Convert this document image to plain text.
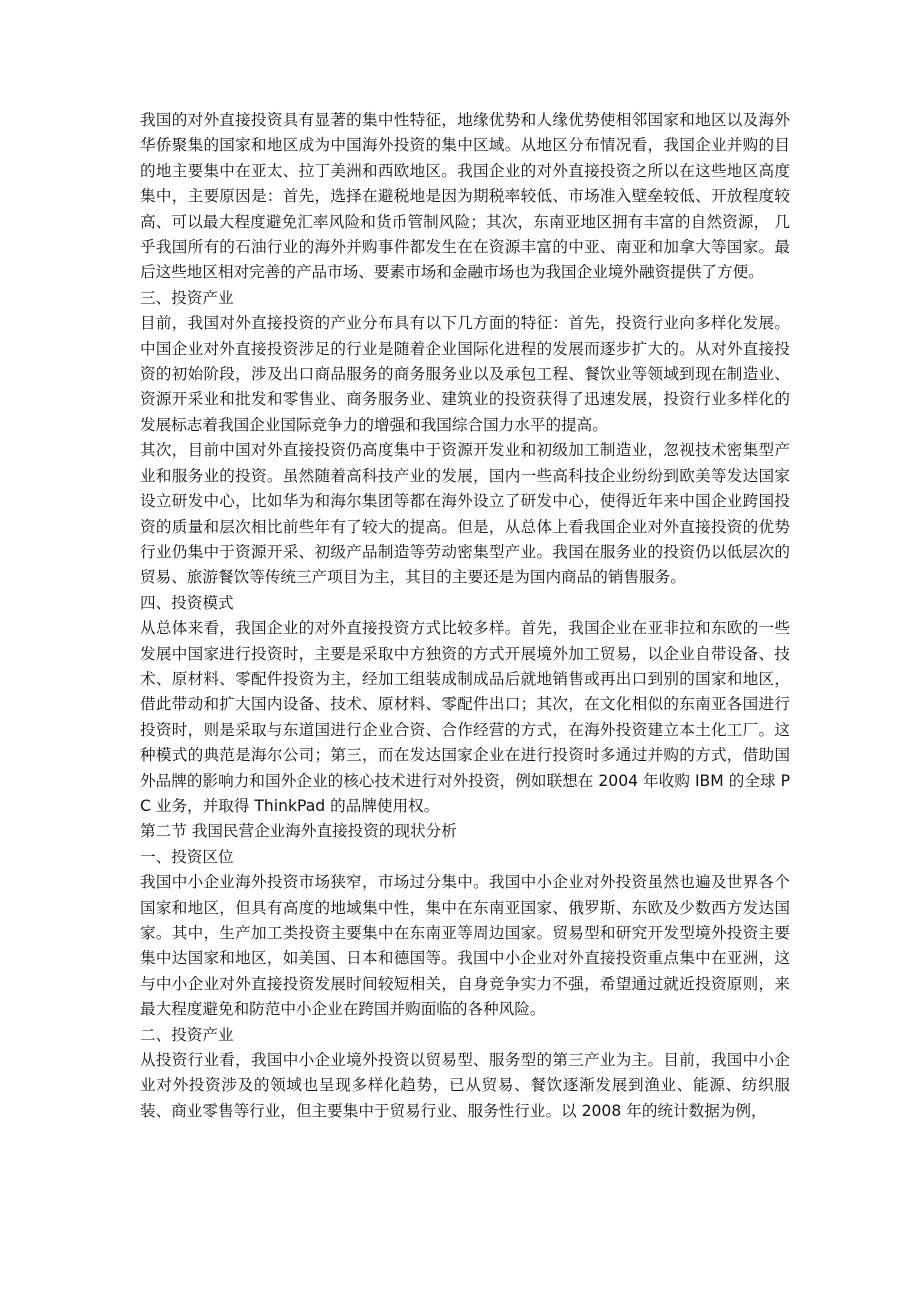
我国的对外直接投资具有显著的集中性特征，地缘优势和人缘优势使相邻国家和地区以及海外华侨聚集的国家和地区成为中国海外投资的集中区域。从地区分布情况看，我国企业并购的目的地主要集中在亚太、拉丁美洲和西欧地区。我国企业的对外直接投资之所以在这些地区高度集中，主要原因是：首先，选择在避税地是因为期税率较低、市场准入壁垒较低、开放程度较高、可以最大程度避免汇率风险和货币管制风险；其次，东南亚地区拥有丰富的自然资源， 几乎我国所有的石油行业的海外并购事件都发生在在资源丰富的中亚、南亚和加拿大等国家。最后这些地区相对完善的产品市场、要素市场和金融市场也为我国企业境外融资提供了方便。

三、投资产业

目前，我国对外直接投资的产业分布具有以下几方面的特征：首先，投资行业向多样化发展。中国企业对外直接投资涉足的行业是随着企业国际化进程的发展而逐步扩大的。从对外直接投资的初始阶段，涉及出口商品服务的商务服务业以及承包工程、餐饮业等领域到现在制造业、资源开采业和批发和零售业、商务服务业、建筑业的投资获得了迅速发展，投资行业多样化的发展标志着我国企业国际竞争力的增强和我国综合国力水平的提高。

其次，目前中国对外直接投资仍高度集中于资源开发业和初级加工制造业，忽视技术密集型产业和服务业的投资。虽然随着高科技产业的发展，国内一些高科技企业纷纷到欧美等发达国家设立研发中心，比如华为和海尔集团等都在海外设立了研发中心，使得近年来中国企业跨国投资的质量和层次相比前些年有了较大的提高。但是，从总体上看我国企业对外直接投资的优势行业仍集中于资源开采、初级产品制造等劳动密集型产业。我国在服务业的投资仍以低层次的贸易、旅游餐饮等传统三产项目为主，其目的主要还是为国内商品的销售服务。

四、投资模式

从总体来看，我国企业的对外直接投资方式比较多样。首先，我国企业在亚非拉和东欧的一些发展中国家进行投资时，主要是采取中方独资的方式开展境外加工贸易，以企业自带设备、技术、原材料、零配件投资为主，经加工组装成制成品后就地销售或再出口到别的国家和地区，借此带动和扩大国内设备、技术、原材料、零配件出口；其次，在文化相似的东南亚各国进行投资时，则是采取与东道国进行企业合资、合作经营的方式，在海外投资建立本土化工厂。这种模式的典范是海尔公司；第三，而在发达国家企业在进行投资时多通过并购的方式，借助国外品牌的影响力和国外企业的核心技术进行对外投资，例如联想在 2004 年收购 IBM 的全球 PC 业务，并取得 ThinkPad 的品牌使用权。

第二节 我国民营企业海外直接投资的现状分析

一、投资区位

我国中小企业海外投资市场狭窄，市场过分集中。我国中小企业对外投资虽然也遍及世界各个国家和地区，但具有高度的地域集中性，集中在东南亚国家、俄罗斯、东欧及少数西方发达国家。其中，生产加工类投资主要集中在东南亚等周边国家。贸易型和研究开发型境外投资主要集中达国家和地区，如美国、日本和德国等。我国中小企业对外直接投资重点集中在亚洲，这与中小企业对外直接投资发展时间较短相关，自身竞争实力不强，希望通过就近投资原则，来最大程度避免和防范中小企业在跨国并购面临的各种风险。

二、投资产业

从投资行业看，我国中小企业境外投资以贸易型、服务型的第三产业为主。目前，我国中小企业对外投资涉及的领域也呈现多样化趋势，已从贸易、餐饮逐渐发展到渔业、能源、纺织服装、商业零售等行业，但主要集中于贸易行业、服务性行业。以 2008 年的统计数据为例，
